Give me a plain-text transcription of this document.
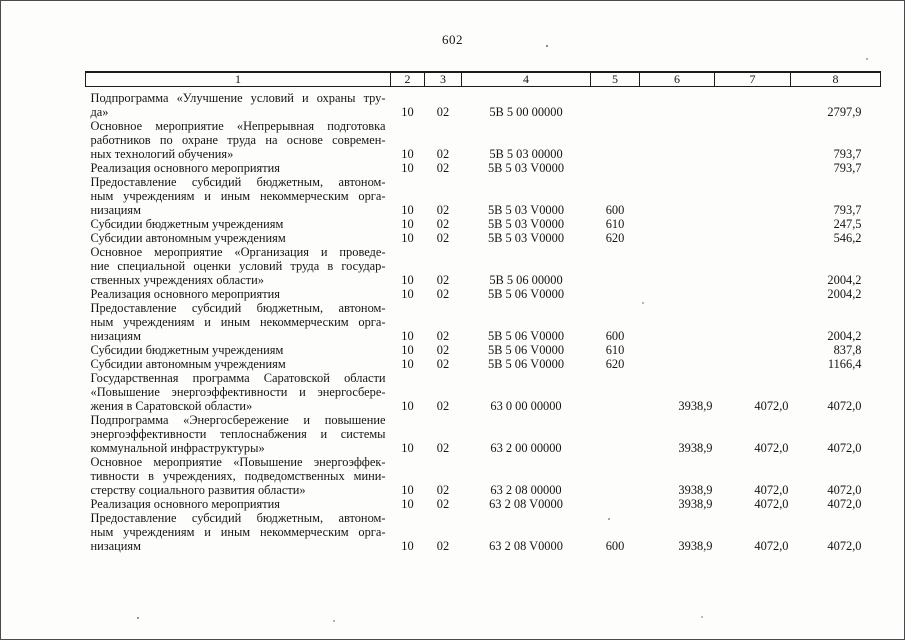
602
1	2	3	4	5	6	7	8

Подпрограмма «Улучшение условий и охраны тру-
да»	10	02	5В 5 00 00000				2797,9

Основное мероприятие «Непрерывная подготовка
работников по охране труда на основе современ-
ных технологий обучения»	10	02	5В 5 03 00000				793,7

Реализация основного мероприятия	10	02	5В 5 03 V0000				793,7

Предоставление субсидий бюджетным, автоном-
ным учреждениям и иным некоммерческим орга-
низациям	10	02	5В 5 03 V0000	600			793,7

Субсидии бюджетным учреждениям	10	02	5В 5 03 V0000	610			247,5

Субсидии автономным учреждениям	10	02	5В 5 03 V0000	620			546,2

Основное мероприятие «Организация и проведе-
ние специальной оценки условий труда в государ-
ственных учреждениях области»	10	02	5В 5 06 00000				2004,2

Реализация основного мероприятия	10	02	5В 5 06 V0000				2004,2

Предоставление субсидий бюджетным, автоном-
ным учреждениям и иным некоммерческим орга-
низациям	10	02	5В 5 06 V0000	600			2004,2

Субсидии бюджетным учреждениям	10	02	5В 5 06 V0000	610			837,8

Субсидии автономным учреждениям	10	02	5В 5 06 V0000	620			1166,4

Государственная программа Саратовской области
«Повышение энергоэффективности и энергосбере-
жения в Саратовской области»	10	02	63 0 00 00000		3938,9	4072,0	4072,0

Подпрограмма «Энергосбережение и повышение
энергоэффективности теплоснабжения и системы
коммунальной инфраструктуры»	10	02	63 2 00 00000		3938,9	4072,0	4072,0

Основное мероприятие «Повышение энергоэффек-
тивности в учреждениях, подведомственных мини-
стерству социального развития области»	10	02	63 2 08 00000		3938,9	4072,0	4072,0

Реализация основного мероприятия	10	02	63 2 08 V0000		3938,9	4072,0	4072,0

Предоставление субсидий бюджетным, автоном-
ным учреждениям и иным некоммерческим орга-
низациям	10	02	63 2 08 V0000	600	3938,9	4072,0	4072,0
